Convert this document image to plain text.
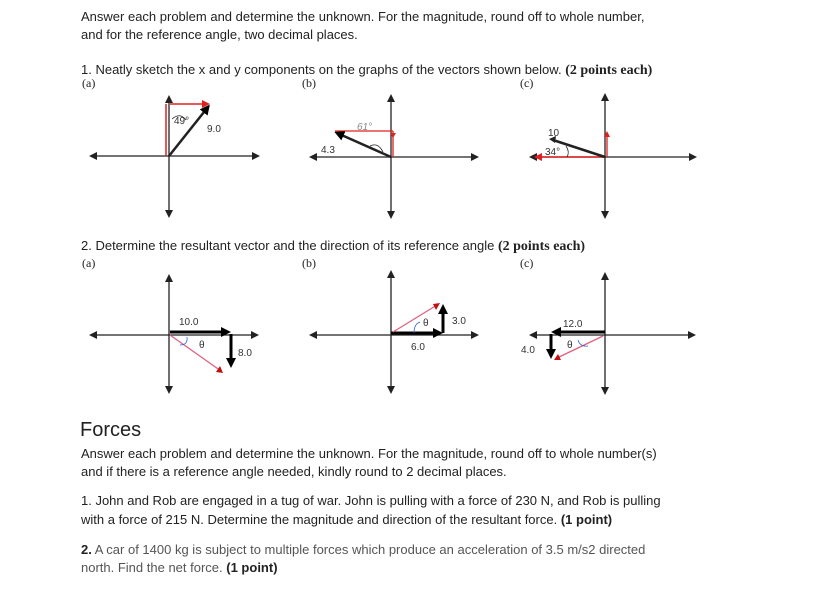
Answer each problem and determine the unknown. For the magnitude, round off to whole number,

and for the reference angle, two decimal places.

1. Neatly sketch the x and y components on the graphs of the vectors shown below. (2 points each)

(a)	(b)	(c)

2. Determine the resultant vector and the direction of its reference angle (2 points each)

(a)	(b)	(c)
49°
9.0	61°
4.3
10
34°
10.0
8.0
θ
3.0
6.0
θ	12.0
4.0	θ
Forces

Answer each problem and determine the unknown. For the magnitude, round off to whole number(s)

and if there is a reference angle needed, kindly round to 2 decimal places.

1. John and Rob are engaged in a tug of war. John is pulling with a force of 230 N, and Rob is pulling

with a force of 215 N. Determine the magnitude and direction of the resultant force. (1 point)

2. A car of 1400 kg is subject to multiple forces which produce an acceleration of 3.5 m/s2 directed

north. Find the net force. (1 point)
